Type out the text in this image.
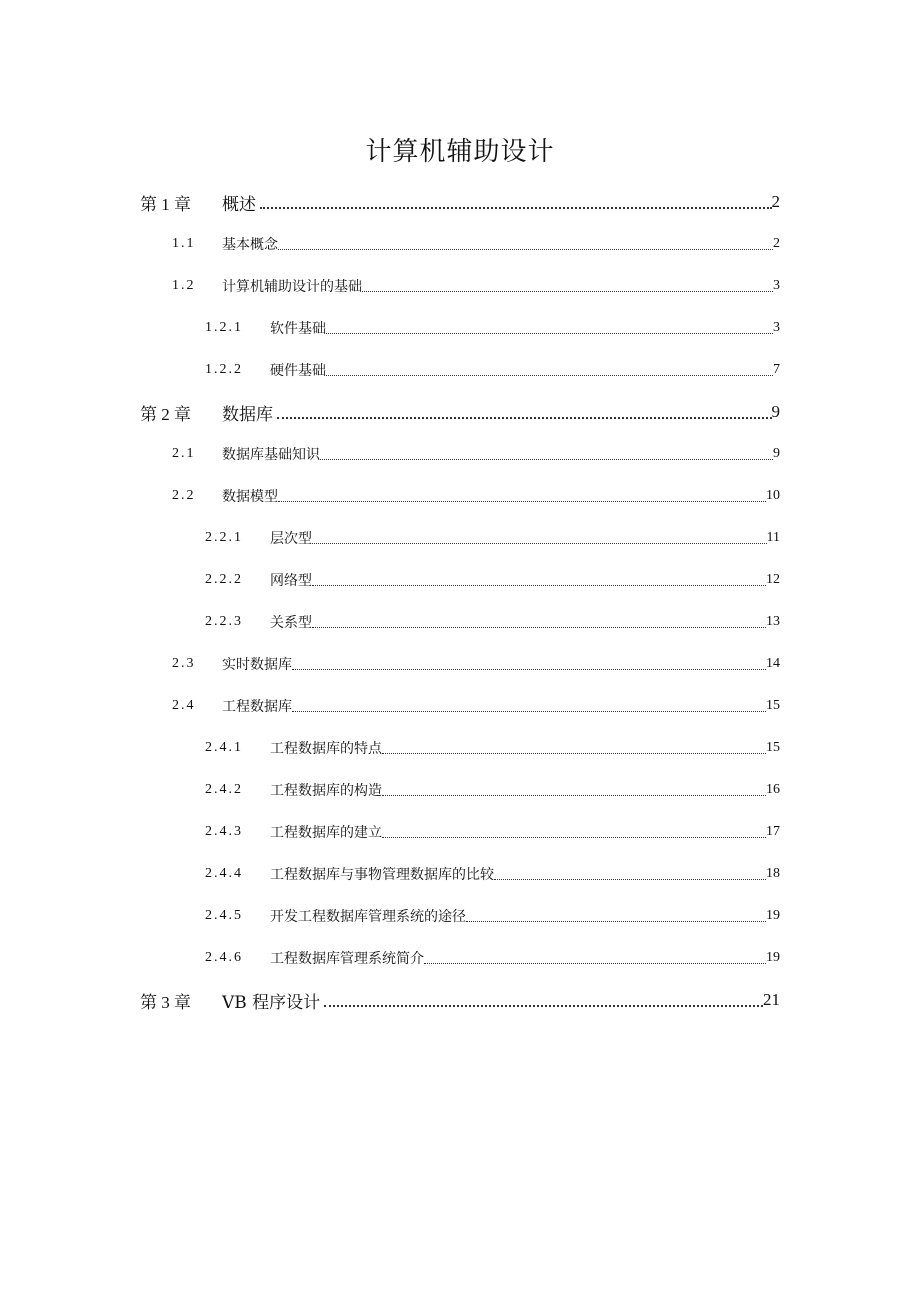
计算机辅助设计
第 1 章	概述	2
1.1	基本概念	2
1.2	计算机辅助设计的基础	3
1.2.1	软件基础	3
1.2.2	硬件基础	7
第 2 章	数据库	9
2.1	数据库基础知识	9
2.2	数据模型	10
2.2.1	层次型	11
2.2.2	网络型	12
2.2.3	关系型	13
2.3	实时数据库	14
2.4	工程数据库	15
2.4.1	工程数据库的特点	15
2.4.2	工程数据库的构造	16
2.4.3	工程数据库的建立	17
2.4.4	工程数据库与事物管理数据库的比较	18
2.4.5	开发工程数据库管理系统的途径	19
2.4.6	工程数据库管理系统简介	19
第 3 章	VB 程序设计	21
